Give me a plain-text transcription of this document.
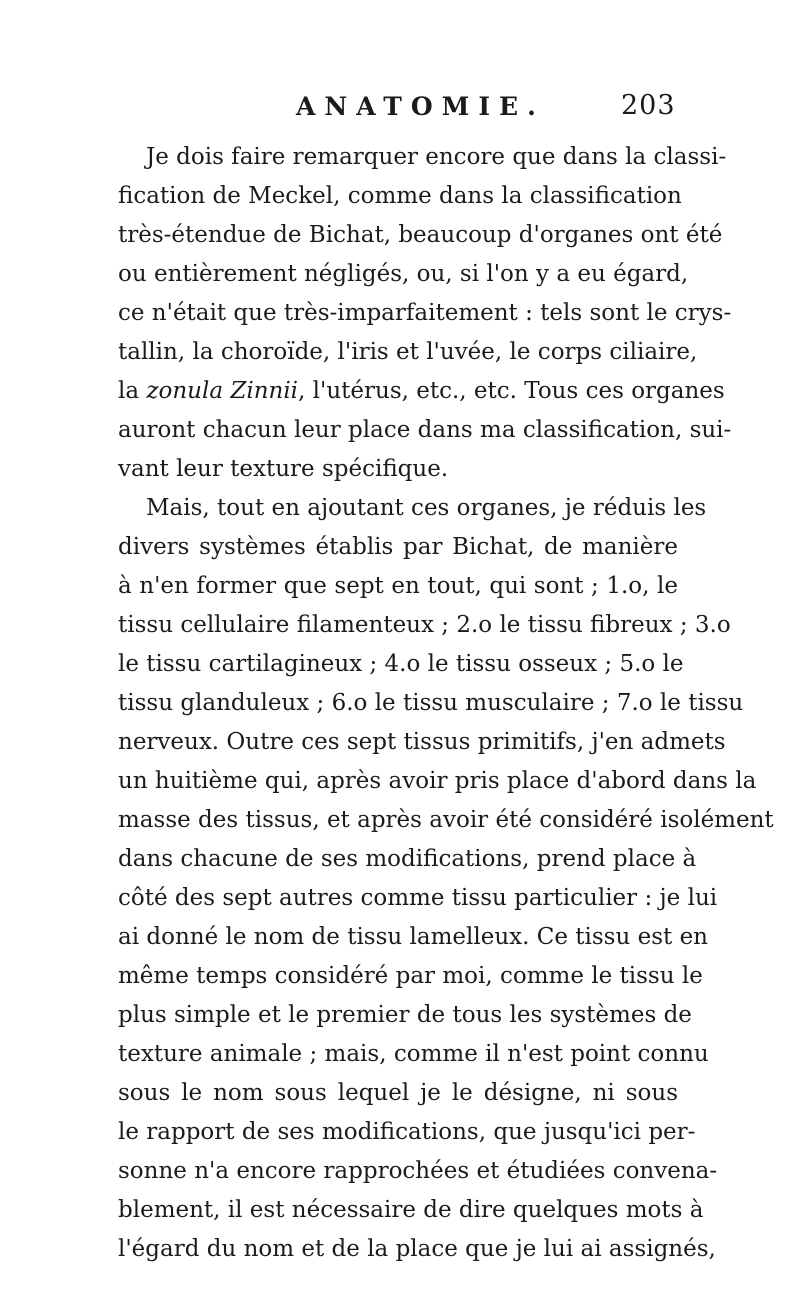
ANATOMIE.	203
Je dois faire remarquer encore que dans la classi-
fication de Meckel, comme dans la classification
très-étendue de Bichat, beaucoup d'organes ont été
ou entièrement négligés, ou, si l'on y a eu égard,
ce n'était que très-imparfaitement : tels sont le crys-
tallin, la choroïde, l'iris et l'uvée, le corps ciliaire,
la zonula Zinnii, l'utérus, etc., etc. Tous ces organes
auront chacun leur place dans ma classification, sui-
vant leur texture spécifique.
Mais, tout en ajoutant ces organes, je réduis les
divers systèmes établis par Bichat, de manière
à n'en former que sept en tout, qui sont ; 1.o, le
tissu cellulaire filamenteux ; 2.o le tissu fibreux ; 3.o
le tissu cartilagineux ; 4.o le tissu osseux ; 5.o le
tissu glanduleux ; 6.o le tissu musculaire ; 7.o le tissu
nerveux. Outre ces sept tissus primitifs, j'en admets
un huitième qui, après avoir pris place d'abord dans la
masse des tissus, et après avoir été considéré isolément
dans chacune de ses modifications, prend place à
côté des sept autres comme tissu particulier : je lui
ai donné le nom de tissu lamelleux. Ce tissu est en
même temps considéré par moi, comme le tissu le
plus simple et le premier de tous les systèmes de
texture animale ; mais, comme il n'est point connu
sous le nom sous lequel je le désigne, ni sous
le rapport de ses modifications, que jusqu'ici per-
sonne n'a encore rapprochées et étudiées convena-
blement, il est nécessaire de dire quelques mots à
l'égard du nom et de la place que je lui ai assignés,
